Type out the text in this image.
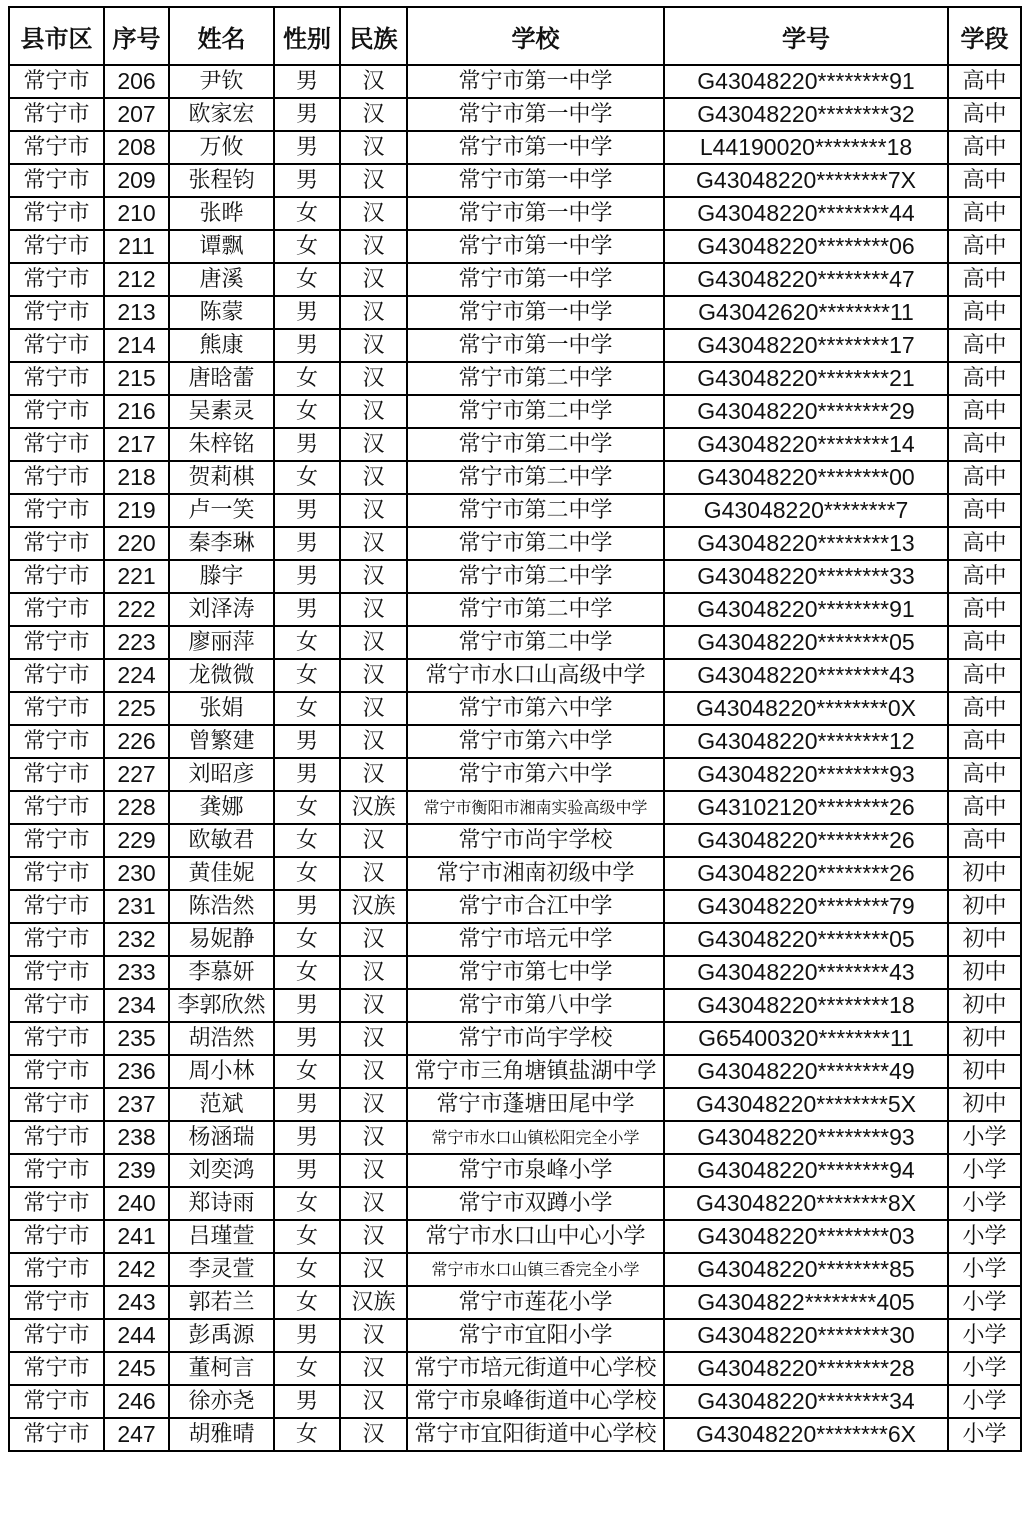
县市区	序号	姓名	性别	民族	学校	学号	学段
常宁市	206	尹钦	男	汉	常宁市第一中学	G43048220********91	高中
常宁市	207	欧家宏	男	汉	常宁市第一中学	G43048220********32	高中
常宁市	208	万攸	男	汉	常宁市第一中学	L44190020********18	高中
常宁市	209	张程钧	男	汉	常宁市第一中学	G43048220********7X	高中
常宁市	210	张晔	女	汉	常宁市第一中学	G43048220********44	高中
常宁市	211	谭飘	女	汉	常宁市第一中学	G43048220********06	高中
常宁市	212	唐溪	女	汉	常宁市第一中学	G43048220********47	高中
常宁市	213	陈蒙	男	汉	常宁市第一中学	G43042620********11	高中
常宁市	214	熊康	男	汉	常宁市第一中学	G43048220********17	高中
常宁市	215	唐晗蕾	女	汉	常宁市第二中学	G43048220********21	高中
常宁市	216	吴素灵	女	汉	常宁市第二中学	G43048220********29	高中
常宁市	217	朱梓铭	男	汉	常宁市第二中学	G43048220********14	高中
常宁市	218	贺莉棋	女	汉	常宁市第二中学	G43048220********00	高中
常宁市	219	卢一笑	男	汉	常宁市第二中学	G43048220********7	高中
常宁市	220	秦李琳	男	汉	常宁市第二中学	G43048220********13	高中
常宁市	221	滕宇	男	汉	常宁市第二中学	G43048220********33	高中
常宁市	222	刘泽涛	男	汉	常宁市第二中学	G43048220********91	高中
常宁市	223	廖丽萍	女	汉	常宁市第二中学	G43048220********05	高中
常宁市	224	龙微微	女	汉	常宁市水口山高级中学	G43048220********43	高中
常宁市	225	张娟	女	汉	常宁市第六中学	G43048220********0X	高中
常宁市	226	曾繁建	男	汉	常宁市第六中学	G43048220********12	高中
常宁市	227	刘昭彦	男	汉	常宁市第六中学	G43048220********93	高中
常宁市	228	龚娜	女	汉族	常宁市衡阳市湘南实验高级中学	G43102120********26	高中
常宁市	229	欧敏君	女	汉	常宁市尚宇学校	G43048220********26	高中
常宁市	230	黄佳妮	女	汉	常宁市湘南初级中学	G43048220********26	初中
常宁市	231	陈浩然	男	汉族	常宁市合江中学	G43048220********79	初中
常宁市	232	易妮静	女	汉	常宁市培元中学	G43048220********05	初中
常宁市	233	李慕妍	女	汉	常宁市第七中学	G43048220********43	初中
常宁市	234	李郭欣然	男	汉	常宁市第八中学	G43048220********18	初中
常宁市	235	胡浩然	男	汉	常宁市尚宇学校	G65400320********11	初中
常宁市	236	周小林	女	汉	常宁市三角塘镇盐湖中学	G43048220********49	初中
常宁市	237	范斌	男	汉	常宁市蓬塘田尾中学	G43048220********5X	初中
常宁市	238	杨涵瑞	男	汉	常宁市水口山镇松阳完全小学	G43048220********93	小学
常宁市	239	刘奕鸿	男	汉	常宁市泉峰小学	G43048220********94	小学
常宁市	240	郑诗雨	女	汉	常宁市双蹲小学	G43048220********8X	小学
常宁市	241	吕瑾萱	女	汉	常宁市水口山中心小学	G43048220********03	小学
常宁市	242	李灵萱	女	汉	常宁市水口山镇三香完全小学	G43048220********85	小学
常宁市	243	郭若兰	女	汉族	常宁市莲花小学	G4304822********405	小学
常宁市	244	彭禹源	男	汉	常宁市宜阳小学	G43048220********30	小学
常宁市	245	董柯言	女	汉	常宁市培元街道中心学校	G43048220********28	小学
常宁市	246	徐亦尧	男	汉	常宁市泉峰街道中心学校	G43048220********34	小学
常宁市	247	胡雅晴	女	汉	常宁市宜阳街道中心学校	G43048220********6X	小学
